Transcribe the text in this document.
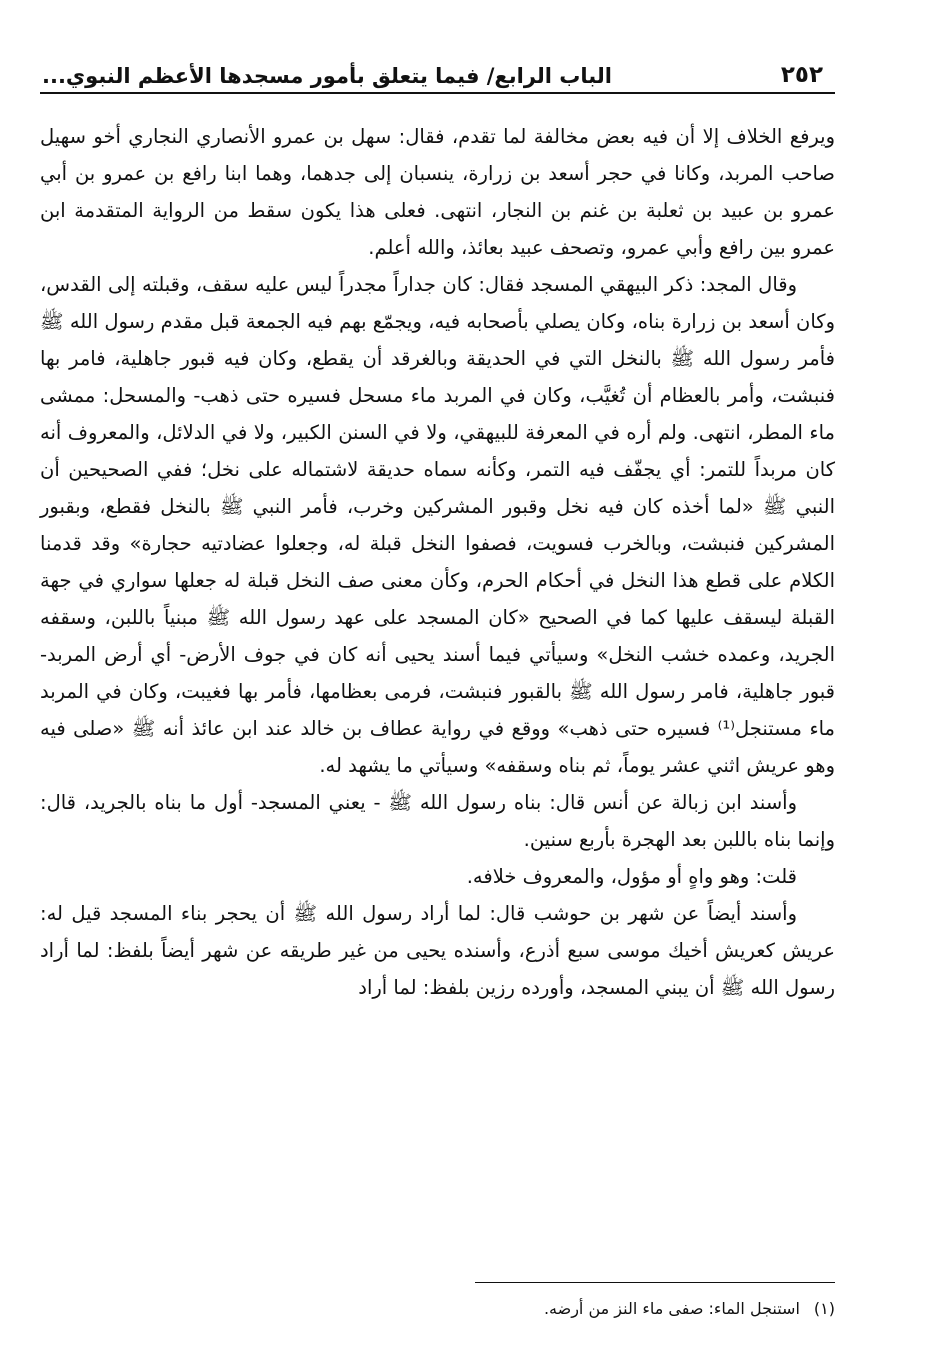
٢٥٢
الباب الرابع/ فيما يتعلق بأمور مسجدها الأعظم النبوي...

ويرفع الخلاف إلا أن فيه بعض مخالفة لما تقدم، فقال: سهل بن عمرو الأنصاري النجاري أخو سهيل صاحب المربد، وكانا في حجر أسعد بن زرارة، ينسبان إلى جدهما، وهما ابنا رافع بن عمرو بن أبي عمرو بن عبيد بن ثعلبة بن غنم بن النجار، انتهى. فعلى هذا يكون سقط من الرواية المتقدمة ابن عمرو بين رافع وأبي عمرو، وتصحف عبيد بعائذ، والله أعلم.

وقال المجد: ذكر البيهقي المسجد فقال: كان جداراً مجدراً ليس عليه سقف، وقبلته إلى القدس، وكان أسعد بن زرارة بناه، وكان يصلي بأصحابه فيه، ويجمّع بهم فيه الجمعة قبل مقدم رسول الله ﷺ فأمر رسول الله ﷺ بالنخل التي في الحديقة وبالغرقد أن يقطع، وكان فيه قبور جاهلية، فامر بها فنبشت، وأمر بالعظام أن تُغيَّب، وكان في المربد ماء مسحل فسيره حتى ذهب- والمسحل: ممشى ماء المطر، انتهى. ولم أره في المعرفة للبيهقي، ولا في السنن الكبير، ولا في الدلائل، والمعروف أنه كان مربداً للتمر: أي يجفّف فيه التمر، وكأنه سماه حديقة لاشتماله على نخل؛ ففي الصحيحين أن النبي ﷺ «لما أخذه كان فيه نخل وقبور المشركين وخرب، فأمر النبي ﷺ بالنخل فقطع، وبقبور المشركين فنبشت، وبالخرب فسويت، فصفوا النخل قبلة له، وجعلوا عضادتيه حجارة» وقد قدمنا الكلام على قطع هذا النخل في أحكام الحرم، وكأن معنى صف النخل قبلة له جعلها سواري في جهة القبلة ليسقف عليها كما في الصحيح «كان المسجد على عهد رسول الله ﷺ مبنياً باللبن، وسقفه الجريد، وعمده خشب النخل» وسيأتي فيما أسند يحيى أنه كان في جوف الأرض- أي أرض المربد- قبور جاهلية، فامر رسول الله ﷺ بالقبور فنبشت، فرمى بعظامها، فأمر بها فغيبت، وكان في المربد ماء مستنجل⁽¹⁾ فسيره حتى ذهب» ووقع في رواية عطاف بن خالد عند ابن عائذ أنه ﷺ «صلى فيه وهو عريش اثني عشر يوماً، ثم بناه وسقفه» وسيأتي ما يشهد له.

وأسند ابن زبالة عن أنس قال: بناه رسول الله ﷺ - يعني المسجد- أول ما بناه بالجريد، قال: وإنما بناه باللبن بعد الهجرة بأربع سنين.

قلت: وهو واهٍ أو مؤول، والمعروف خلافه.

وأسند أيضاً عن شهر بن حوشب قال: لما أراد رسول الله ﷺ أن يحجر بناء المسجد قيل له: عريش كعريش أخيك موسى سبع أذرع، وأسنده يحيى من غير طريقه عن شهر أيضاً بلفظ: لما أراد رسول الله ﷺ أن يبني المسجد، وأورده رزين بلفظ: لما أراد

(١)
استنجل الماء: صفى ماء النز من أرضه.
